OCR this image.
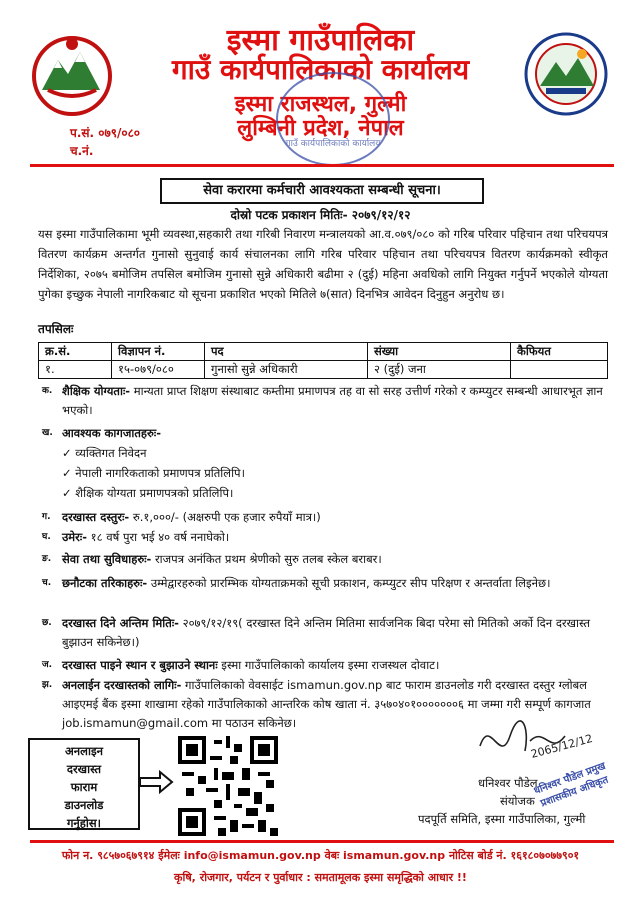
इस्मा गाउँपालिका
गाउँ कार्यपालिकाको कार्यालय
इस्मा राजस्थल, गुल्मी
लुम्बिनी प्रदेश, नेपाल
प.सं. ०७९/०८०
च.नं.	गाउँ कार्यपालिकाको कार्यालय
सेवा करारमा कर्मचारी आवश्यकता सम्बन्धी सूचना।
दोस्रो पटक प्रकाशन मितिः- २०७९/१२/१२
यस इस्मा गाउँपालिकामा भूमी व्यवस्था,सहकारी तथा गरिबी निवारण मन्त्रालयको आ.व.०७९/०८० को गरिब परिवार पहिचान तथा परिचयपत्र वितरण कार्यक्रम अन्तर्गत गुनासो सुनुवाई कार्य संचालनका लागि गरिब परिवार पहिचान तथा परिचयपत्र वितरण कार्यक्रमको स्वीकृत निर्देशिका, २०७५ बमोजिम तपसिल बमोजिम गुनासो सुन्ने अधिकारी बढीमा २ (दुई) महिना अवधिको लागि नियुक्त गर्नुपर्ने भएकोले योग्यता पुगेका इच्छुक नेपाली नागरिकबाट यो सूचना प्रकाशित भएको मितिले ७(सात) दिनभित्र आवेदन दिनुहुन अनुरोध छ।
तपसिलः
क्र.सं.	विज्ञापन नं.	पद	संख्या	कैफियत
१.	१५-०७९/०८०	गुनासो सुन्ने अधिकारी	२ (दुई) जना	
क. शैक्षिक योग्यताः- मान्यता प्राप्त शिक्षण संस्थाबाट कम्तीमा प्रमाणपत्र तह वा सो सरह उत्तीर्ण गरेको र कम्प्युटर सम्बन्धी आधारभूत ज्ञान भएको।
ख. आवश्यक कागजातहरुः-
✓ व्यक्तिगत निवेदन
✓ नेपाली नागरिकताको प्रमाणपत्र प्रतिलिपि।
✓ शैक्षिक योग्यता प्रमाणपत्रको प्रतिलिपि।
ग. दरखास्त दस्तुरः- रु.१,०००/- (अक्षरुपी एक हजार रुपैयाँ मात्र।)
घ. उमेरः- १८ वर्ष पुरा भई ४० वर्ष ननाघेको।
ङ. सेवा तथा सुविधाहरुः- राजपत्र अनंकित प्रथम श्रेणीको सुरु तलब स्केल बराबर।
च. छनौटका तरिकाहरुः- उम्मेद्वारहरुको प्रारम्भिक योग्यताक्रमको सूची प्रकाशन, कम्प्युटर सीप परिक्षण र अन्तर्वाता लिइनेछ।
छ. दरखास्त दिने अन्तिम मितिः- २०७९/१२/१९( दरखास्त दिने अन्तिम मितिमा सार्वजनिक बिदा परेमा सो मितिको अर्को दिन दरखास्त बुझाउन सकिनेछ।)
ज. दरखास्त पाइने स्थान र बुझाउने स्थानः इस्मा गाउँपालिकाको कार्यालय इस्मा राजस्थल दोवाट।
झ. अनलाईन दरखास्तको लागिः- गाउँपालिकाको वेवसाईट ismamun.gov.np बाट फाराम डाउनलोड गरी दरखास्त दस्तुर ग्लोबल आइएमई बैंक इस्मा शाखामा रहेको गाउँपालिकाको आन्तरिक कोष खाता नं. ३५७०४०१०००००००६ मा जम्मा गरी सम्पूर्ण कागजात job.ismamun@gmail.com मा पठाउन सकिनेछ।
अनलाइन
दरखास्त
फाराम
डाउनलोड
गर्नुहोस।
2065/12/12
धनिश्वर पौडेल प्रमुख प्रशासकीय अधिकृत
धनिश्वर पौडेल
संयोजक
पदपूर्ति समिति, इस्मा गाउँपालिका, गुल्मी
फोन न. ९८५७०६७९१४ ईमेलः info@ismamun.gov.np वेबः ismamun.gov.np नोटिस बोर्ड नं. १६१८०७०७७९०१
कृषि, रोजगार, पर्यटन र पुर्वाधार : समतामूलक इस्मा समृद्धिको आधार !!
